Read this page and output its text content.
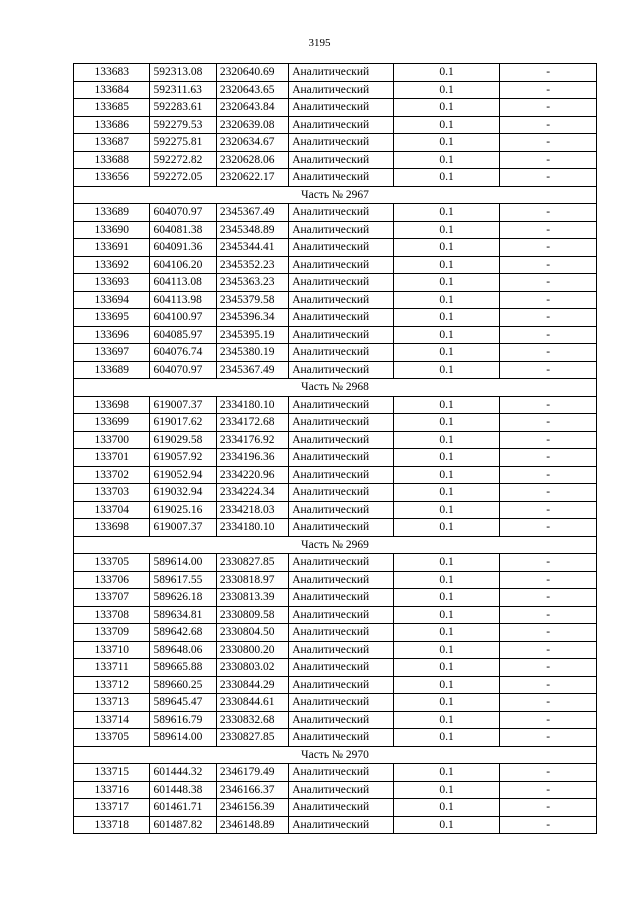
3195
133683	592313.08	2320640.69	Аналитический	0.1	-
133684	592311.63	2320643.65	Аналитический	0.1	-
133685	592283.61	2320643.84	Аналитический	0.1	-
133686	592279.53	2320639.08	Аналитический	0.1	-
133687	592275.81	2320634.67	Аналитический	0.1	-
133688	592272.82	2320628.06	Аналитический	0.1	-
133656	592272.05	2320622.17	Аналитический	0.1	-
Часть № 2967					
133689	604070.97	2345367.49	Аналитический	0.1	-
133690	604081.38	2345348.89	Аналитический	0.1	-
133691	604091.36	2345344.41	Аналитический	0.1	-
133692	604106.20	2345352.23	Аналитический	0.1	-
133693	604113.08	2345363.23	Аналитический	0.1	-
133694	604113.98	2345379.58	Аналитический	0.1	-
133695	604100.97	2345396.34	Аналитический	0.1	-
133696	604085.97	2345395.19	Аналитический	0.1	-
133697	604076.74	2345380.19	Аналитический	0.1	-
133689	604070.97	2345367.49	Аналитический	0.1	-
Часть № 2968					
133698	619007.37	2334180.10	Аналитический	0.1	-
133699	619017.62	2334172.68	Аналитический	0.1	-
133700	619029.58	2334176.92	Аналитический	0.1	-
133701	619057.92	2334196.36	Аналитический	0.1	-
133702	619052.94	2334220.96	Аналитический	0.1	-
133703	619032.94	2334224.34	Аналитический	0.1	-
133704	619025.16	2334218.03	Аналитический	0.1	-
133698	619007.37	2334180.10	Аналитический	0.1	-
Часть № 2969					
133705	589614.00	2330827.85	Аналитический	0.1	-
133706	589617.55	2330818.97	Аналитический	0.1	-
133707	589626.18	2330813.39	Аналитический	0.1	-
133708	589634.81	2330809.58	Аналитический	0.1	-
133709	589642.68	2330804.50	Аналитический	0.1	-
133710	589648.06	2330800.20	Аналитический	0.1	-
133711	589665.88	2330803.02	Аналитический	0.1	-
133712	589660.25	2330844.29	Аналитический	0.1	-
133713	589645.47	2330844.61	Аналитический	0.1	-
133714	589616.79	2330832.68	Аналитический	0.1	-
133705	589614.00	2330827.85	Аналитический	0.1	-
Часть № 2970					
133715	601444.32	2346179.49	Аналитический	0.1	-
133716	601448.38	2346166.37	Аналитический	0.1	-
133717	601461.71	2346156.39	Аналитический	0.1	-
133718	601487.82	2346148.89	Аналитический	0.1	-
